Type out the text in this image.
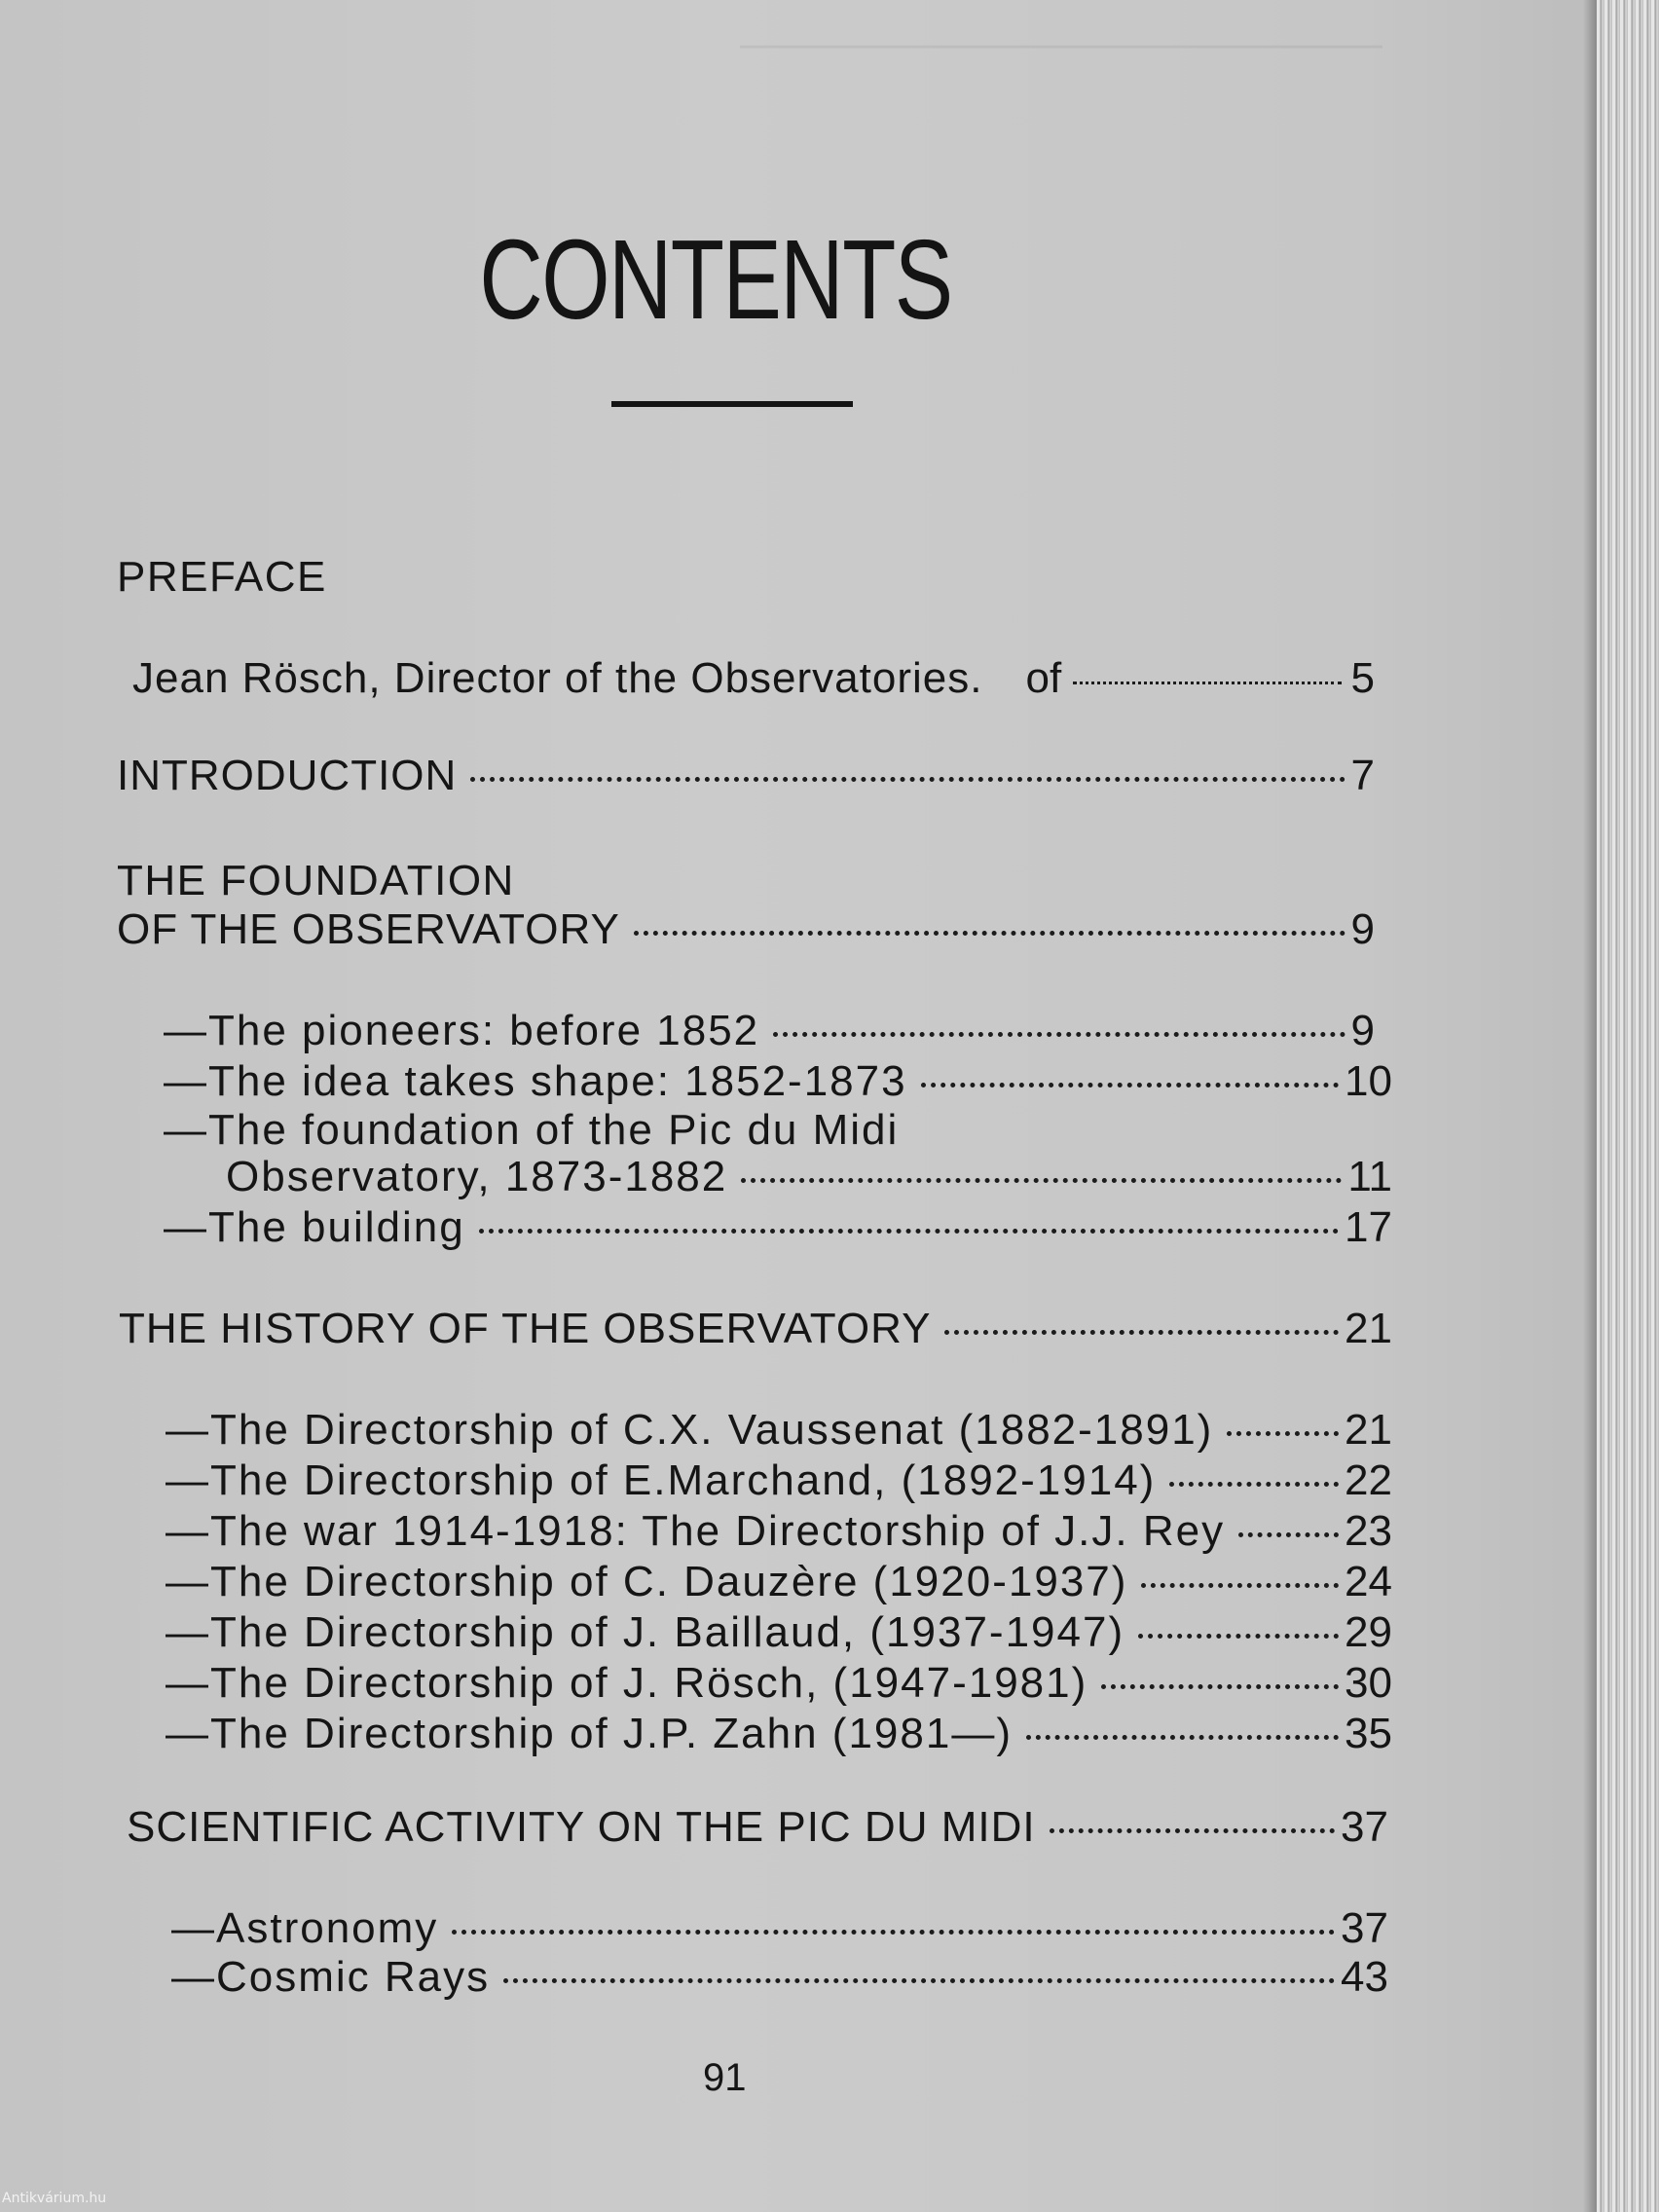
———————————————
CONTENTS
PREFACE
Jean Rösch, Director of the Observatories. of	5
INTRODUCTION	7
THE FOUNDATION
OF THE OBSERVATORY	9
— The pioneers: before 1852	9
— The idea takes shape: 1852-1873	10
—The foundation of the Pic du Midi
Observatory, 1873-1882	11
— The building	17
THE HISTORY OF THE OBSERVATORY	21
— The Directorship of C.X. Vaussenat (1882-1891)	21
— The Directorship of E.Marchand, (1892-1914)	22
— The war 1914-1918: The Directorship of J.J. Rey	23
— The Directorship of C. Dauzère (1920-1937)	24
— The Directorship of J. Baillaud, (1937-1947)	29
— The Directorship of J. Rösch, (1947-1981)	30
— The Directorship of J.P. Zahn (1981—)	35
SCIENTIFIC ACTIVITY ON THE PIC DU MIDI	37
— Astronomy	37
— Cosmic Rays	43
91
Antikvárium.hu
